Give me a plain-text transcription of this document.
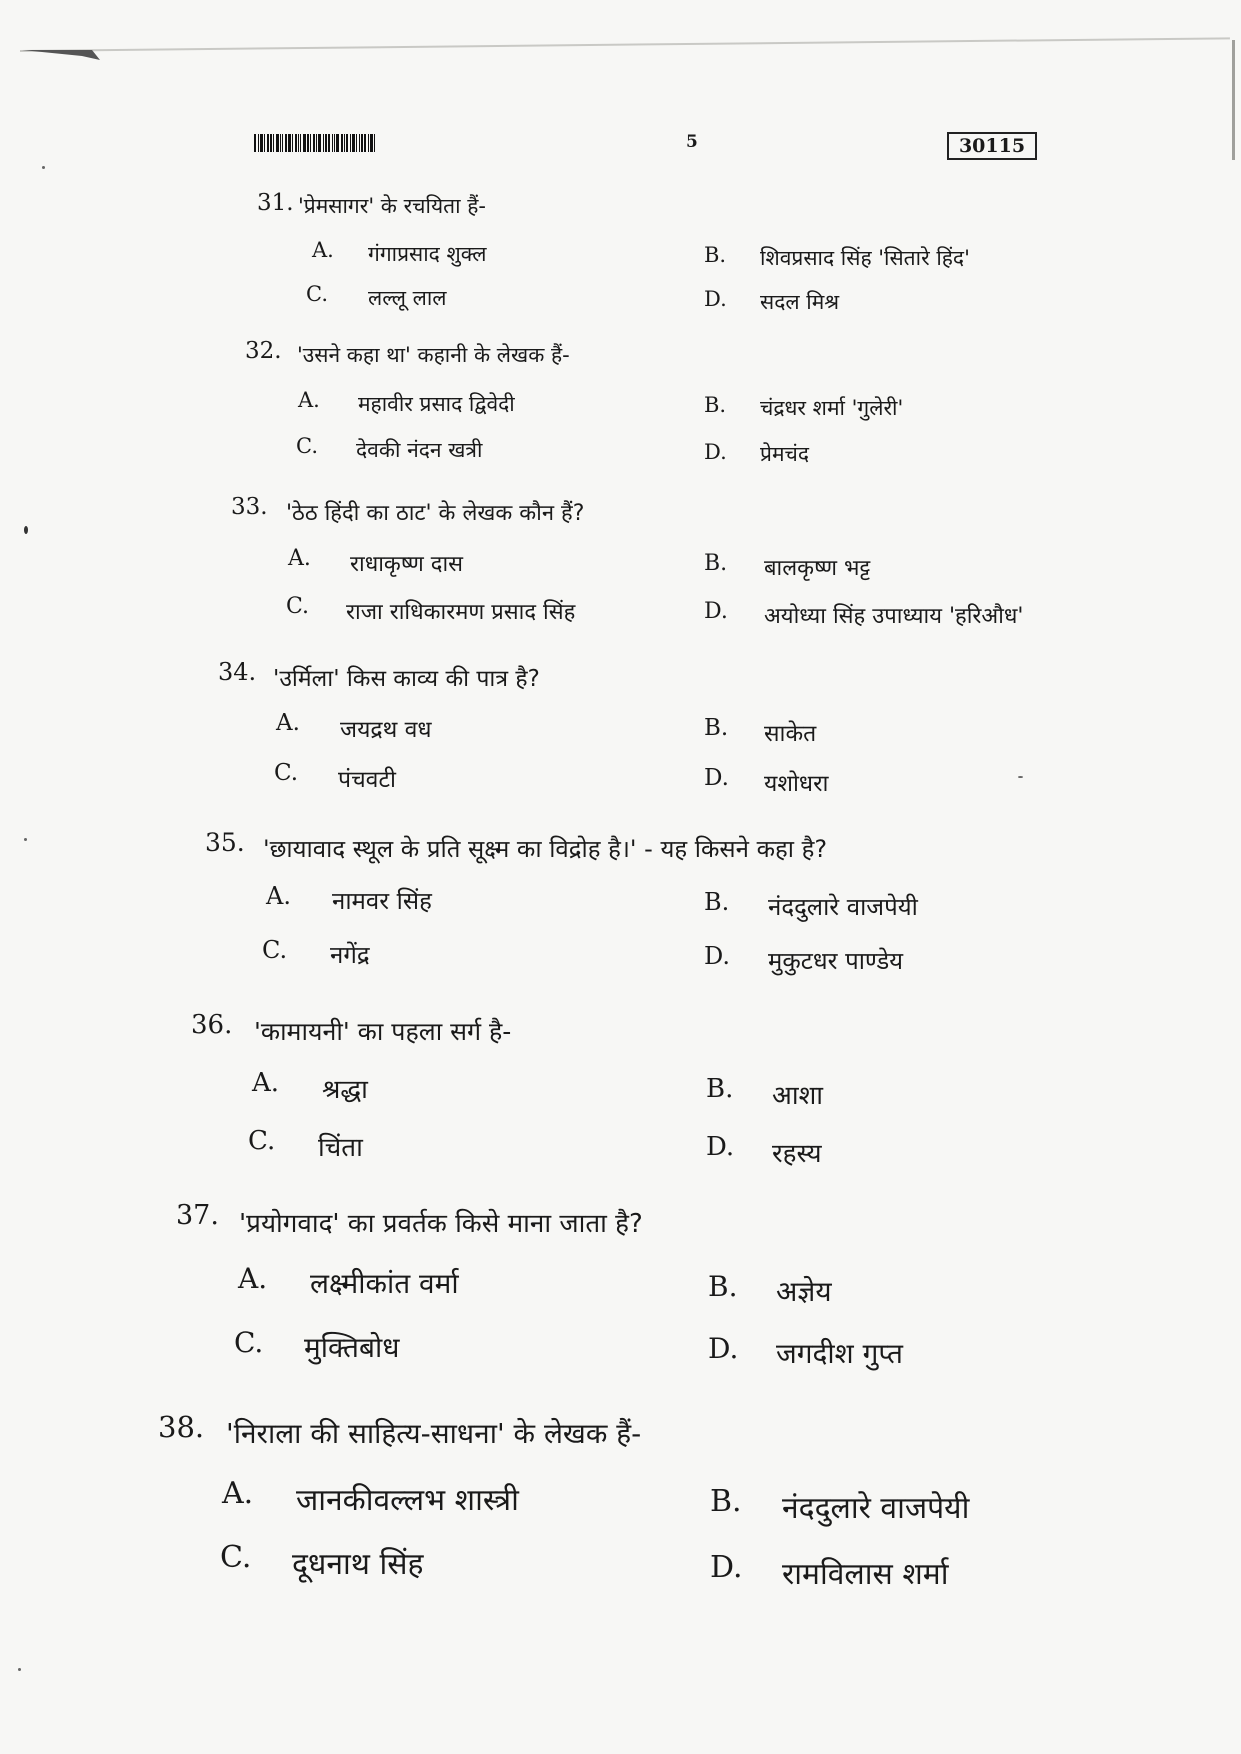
5	30115
31. 'प्रेमसागर' के रचयिता हैं-
A. गंगाप्रसाद शुक्ल	B. शिवप्रसाद सिंह 'सितारे हिंद'
C. लल्लू लाल	D. सदल मिश्र
32. 'उसने कहा था' कहानी के लेखक हैं-
A. महावीर प्रसाद द्विवेदी	B. चंद्रधर शर्मा 'गुलेरी'
C. देवकी नंदन खत्री	D. प्रेमचंद
33. 'ठेठ हिंदी का ठाट' के लेखक कौन हैं?
A. राधाकृष्ण दास	B. बालकृष्ण भट्ट
C. राजा राधिकारमण प्रसाद सिंह	D. अयोध्या सिंह उपाध्याय 'हरिऔध'
34. 'उर्मिला' किस काव्य की पात्र है?
A. जयद्रथ वध	B. साकेत
C. पंचवटी	D. यशोधरा
35. 'छायावाद स्थूल के प्रति सूक्ष्म का विद्रोह है।' - यह किसने कहा है?
A. नामवर सिंह	B. नंददुलारे वाजपेयी
C. नगेंद्र	D. मुकुटधर पाण्डेय
36. 'कामायनी' का पहला सर्ग है-
A. श्रद्धा	B. आशा
C. चिंता	D. रहस्य
37. 'प्रयोगवाद' का प्रवर्तक किसे माना जाता है?
A. लक्ष्मीकांत वर्मा	B. अज्ञेय
C. मुक्तिबोध	D. जगदीश गुप्त
38. 'निराला की साहित्य-साधना' के लेखक हैं-
A. जानकीवल्लभ शास्त्री	B. नंददुलारे वाजपेयी
C. दूधनाथ सिंह	D. रामविलास शर्मा
